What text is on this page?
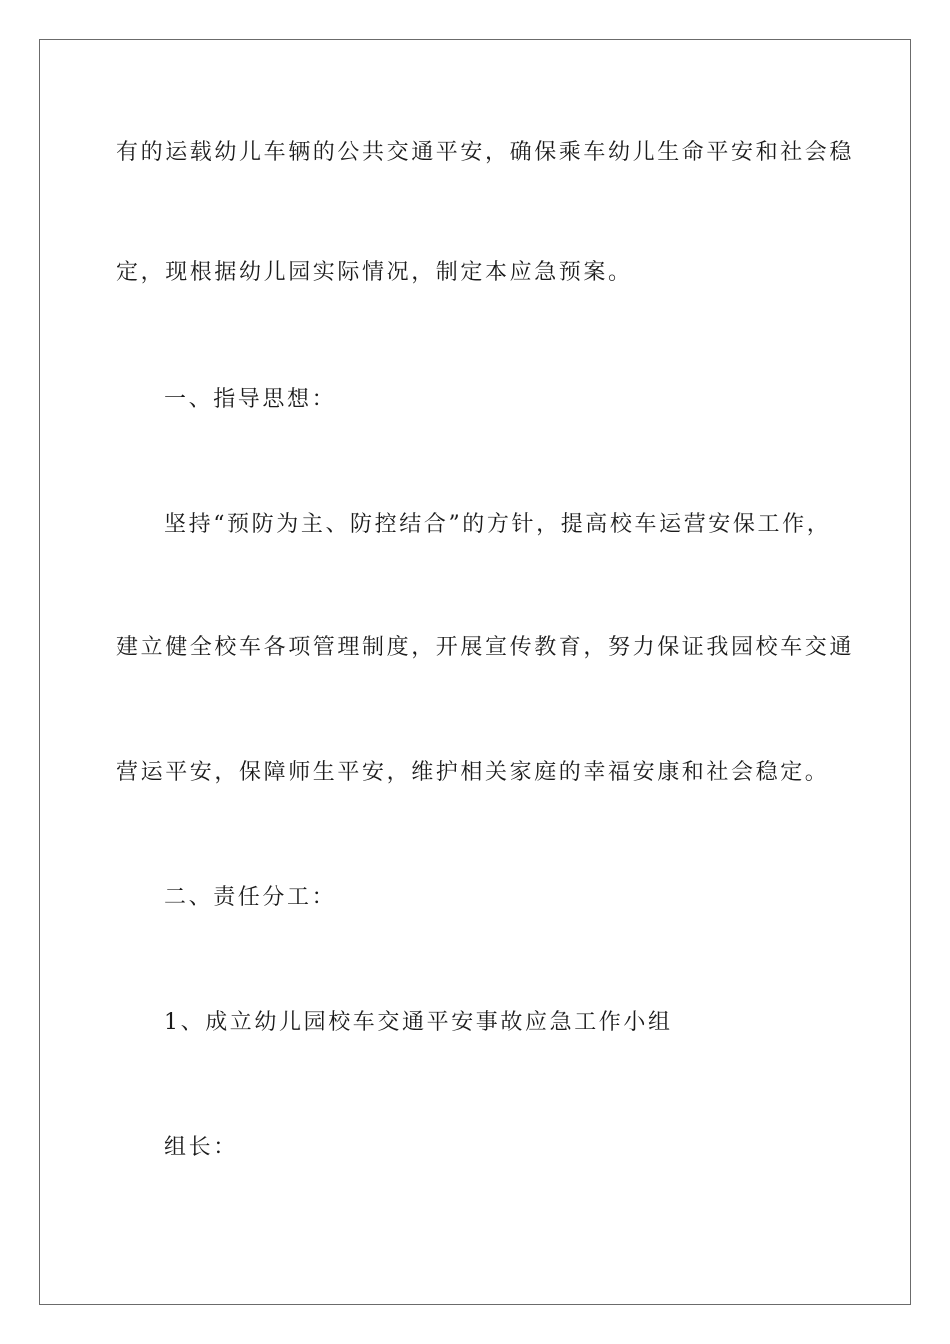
有的运载幼儿车辆的公共交通平安，确保乘车幼儿生命平安和社会稳
定，现根据幼儿园实际情况，制定本应急预案。
一、指导思想：
坚持“预防为主、防控结合”的方针，提高校车运营安保工作，
建立健全校车各项管理制度，开展宣传教育，努力保证我园校车交通
营运平安，保障师生平安，维护相关家庭的幸福安康和社会稳定。
二、责任分工：
1、成立幼儿园校车交通平安事故应急工作小组
组长：
